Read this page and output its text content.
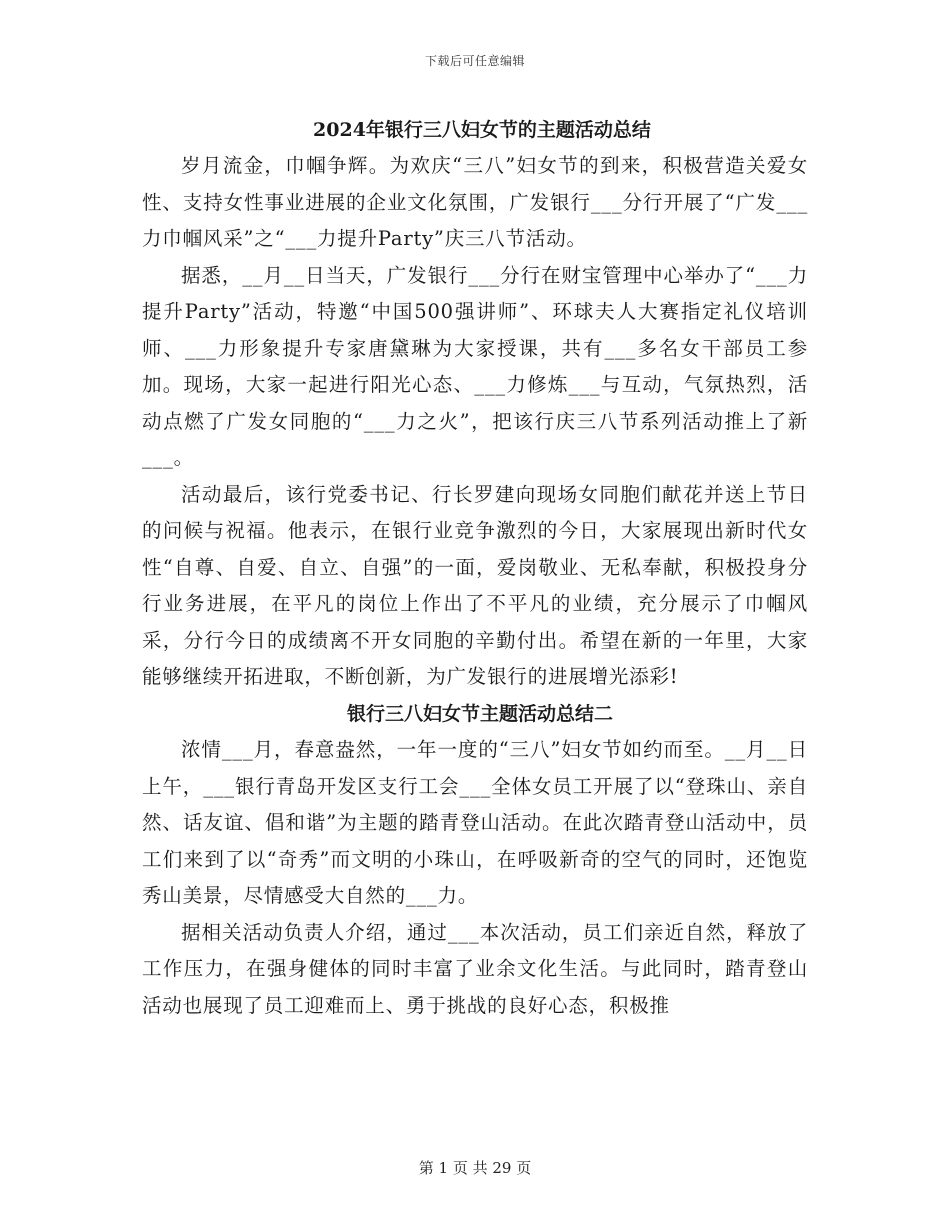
下载后可任意编辑
2024年银行三八妇女节的主题活动总结

岁月流金，巾帼争辉。为欢庆“三八”妇女节的到来，积极营造关爱女性、支持女性事业进展的企业文化氛围，广发银行___分行开展了“广发___力巾帼风采”之“___力提升Party”庆三八节活动。

据悉，__月__日当天，广发银行___分行在财宝管理中心举办了“___力提升Party”活动，特邀“中国500强讲师”、环球夫人大赛指定礼仪培训师、___力形象提升专家唐黛琳为大家授课，共有___多名女干部员工参加。现场，大家一起进行阳光心态、___力修炼___与互动，气氛热烈，活动点燃了广发女同胞的“___力之火”，把该行庆三八节系列活动推上了新___。

活动最后，该行党委书记、行长罗建向现场女同胞们献花并送上节日的问候与祝福。他表示，在银行业竞争激烈的今日，大家展现出新时代女性“自尊、自爱、自立、自强”的一面，爱岗敬业、无私奉献，积极投身分行业务进展，在平凡的岗位上作出了不平凡的业绩，充分展示了巾帼风采，分行今日的成绩离不开女同胞的辛勤付出。希望在新的一年里，大家能够继续开拓进取，不断创新，为广发银行的进展增光添彩!

银行三八妇女节主题活动总结二

浓情___月，春意盎然，一年一度的“三八”妇女节如约而至。__月__日上午，___银行青岛开发区支行工会___全体女员工开展了以“登珠山、亲自然、话友谊、倡和谐”为主题的踏青登山活动。在此次踏青登山活动中，员工们来到了以“奇秀”而文明的小珠山，在呼吸新奇的空气的同时，还饱览秀山美景，尽情感受大自然的___力。

据相关活动负责人介绍，通过___本次活动，员工们亲近自然，释放了工作压力，在强身健体的同时丰富了业余文化生活。与此同时，踏青登山活动也展现了员工迎难而上、勇于挑战的良好心态，积极推

第 1 页 共 29 页
